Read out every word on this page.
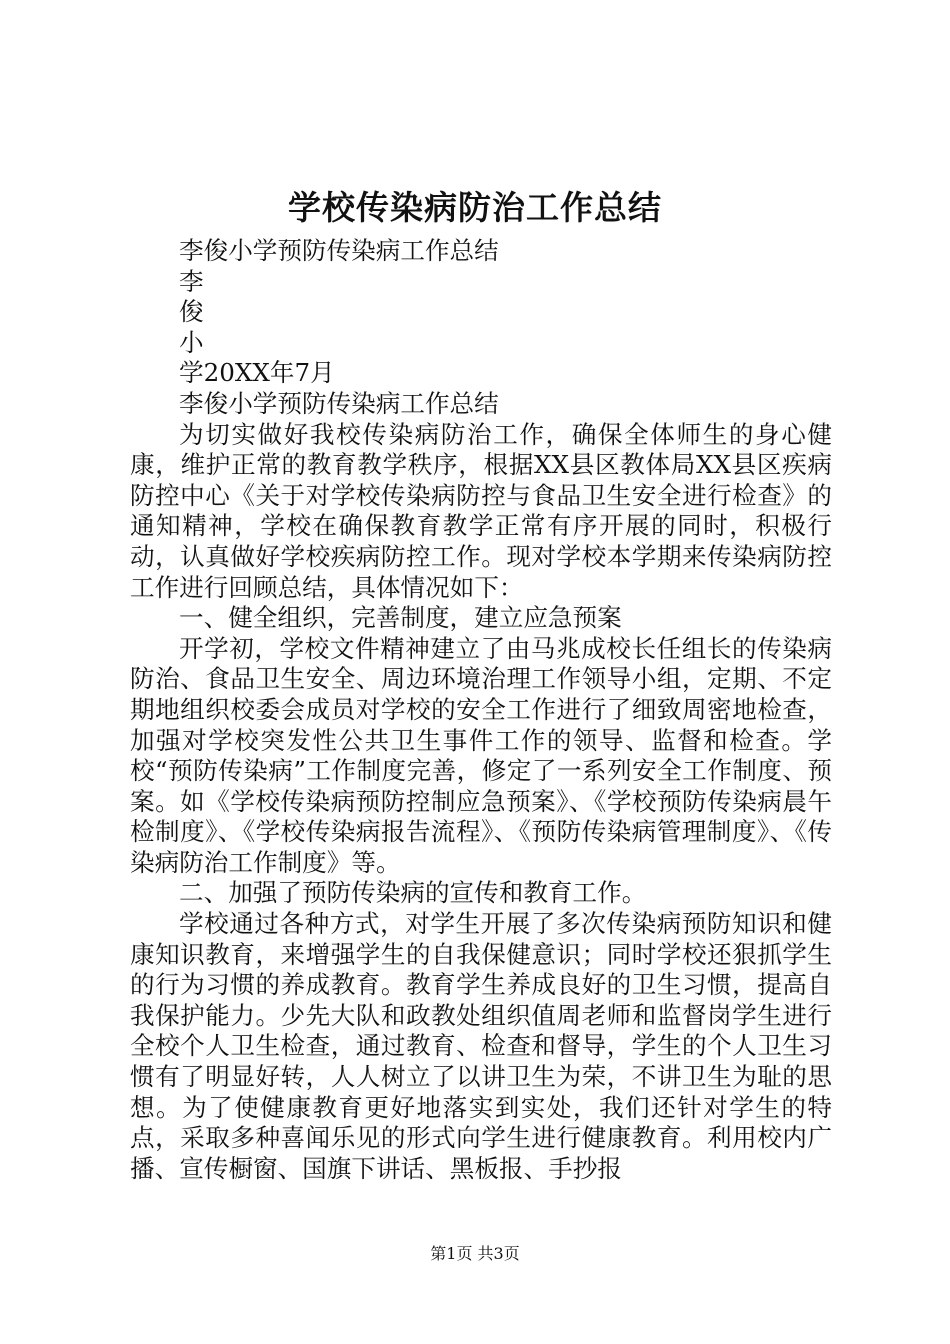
学校传染病防治工作总结

李俊小学预防传染病工作总结

李

俊

小

学20XX年7月

李俊小学预防传染病工作总结

为切实做好我校传染病防治工作，确保全体师生的身心健康，维护正常的教育教学秩序，根据XX县区教体局XX县区疾病防控中心《关于对学校传染病防控与食品卫生安全进行检查》的通知精神，学校在确保教育教学正常有序开展的同时，积极行动，认真做好学校疾病防控工作。现对学校本学期来传染病防控工作进行回顾总结，具体情况如下：

一、健全组织，完善制度，建立应急预案

开学初，学校文件精神建立了由马兆成校长任组长的传染病防治、食品卫生安全、周边环境治理工作领导小组，定期、不定期地组织校委会成员对学校的安全工作进行了细致周密地检查，加强对学校突发性公共卫生事件工作的领导、监督和检查。学校“预防传染病”工作制度完善，修定了一系列安全工作制度、预案。如《学校传染病预防控制应急预案》、《学校预防传染病晨午检制度》、《学校传染病报告流程》、《预防传染病管理制度》、《传染病防治工作制度》等。

二、加强了预防传染病的宣传和教育工作。

学校通过各种方式，对学生开展了多次传染病预防知识和健康知识教育，来增强学生的自我保健意识；同时学校还狠抓学生的行为习惯的养成教育。教育学生养成良好的卫生习惯，提高自我保护能力。少先大队和政教处组织值周老师和监督岗学生进行全校个人卫生检查，通过教育、检查和督导，学生的个人卫生习惯有了明显好转，人人树立了以讲卫生为荣，不讲卫生为耻的思想。为了使健康教育更好地落实到实处，我们还针对学生的特点，采取多种喜闻乐见的形式向学生进行健康教育。利用校内广播、宣传橱窗、国旗下讲话、黑板报、手抄报

第1页 共3页
